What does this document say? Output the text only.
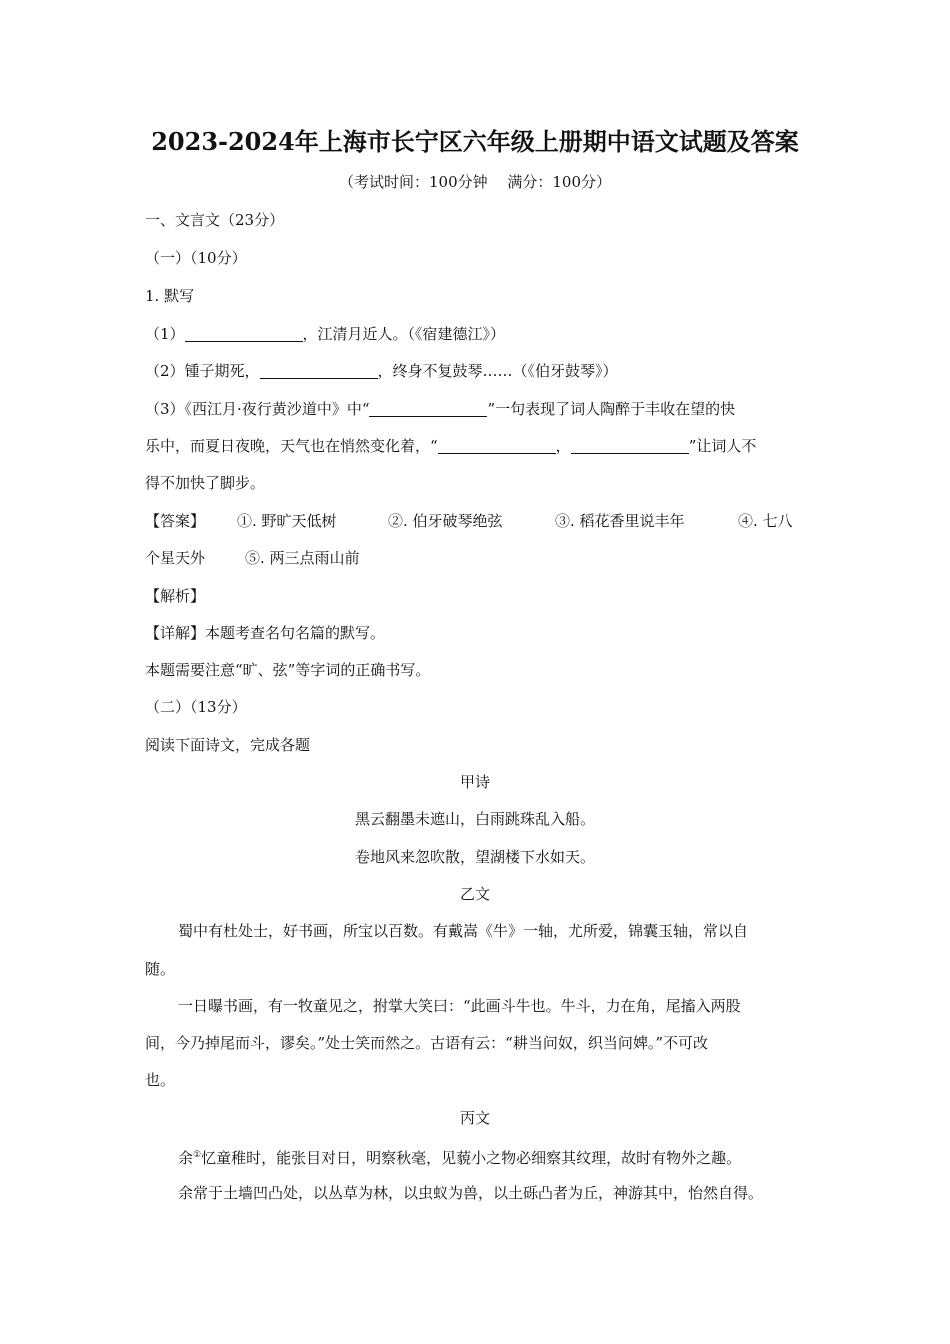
2023-2024年上海市长宁区六年级上册期中语文试题及答案
（考试时间：100分钟　 满分：100分）
一、文言文（23分）
（一）（10分）
1. 默写
（1）	，江清月近人。（《宿建德江》）
（2）锺子期死，	，终身不复鼓琴……（《伯牙鼓琴》）
（3）《西江月·夜行黄沙道中》中“	”一句表现了词人陶醉于丰收在望的快
乐中，而夏日夜晚，天气也在悄然变化着，“	，	”让词人不
得不加快了脚步。
【答案】 ①. 野旷天低树	②. 伯牙破琴绝弦	③. 稻花香里说丰年	④. 七八
个星天外	⑤. 两三点雨山前
【解析】
【详解】本题考查名句名篇的默写。
本题需要注意“旷、弦”等字词的正确书写。
（二）（13分）
阅读下面诗文，完成各题
甲诗
黑云翻墨未遮山，白雨跳珠乱入船。
卷地风来忽吹散，望湖楼下水如天。
乙文
蜀中有杜处士，好书画，所宝以百数。有戴嵩《牛》一轴，尤所爱，锦囊玉轴，常以自
随。
一日曝书画，有一牧童见之，拊掌大笑曰：“此画斗牛也。牛斗，力在角，尾搐入两股
间，今乃掉尾而斗，谬矣。”处士笑而然之。古语有云：“耕当问奴，织当问婢。”不可改
也。
丙文
余①忆童稚时，能张目对日，明察秋毫，见藐小之物必细察其纹理，故时有物外之趣。
余常于土墙凹凸处，以丛草为林，以虫蚁为兽，以土砾凸者为丘，神游其中，怡然自得。
